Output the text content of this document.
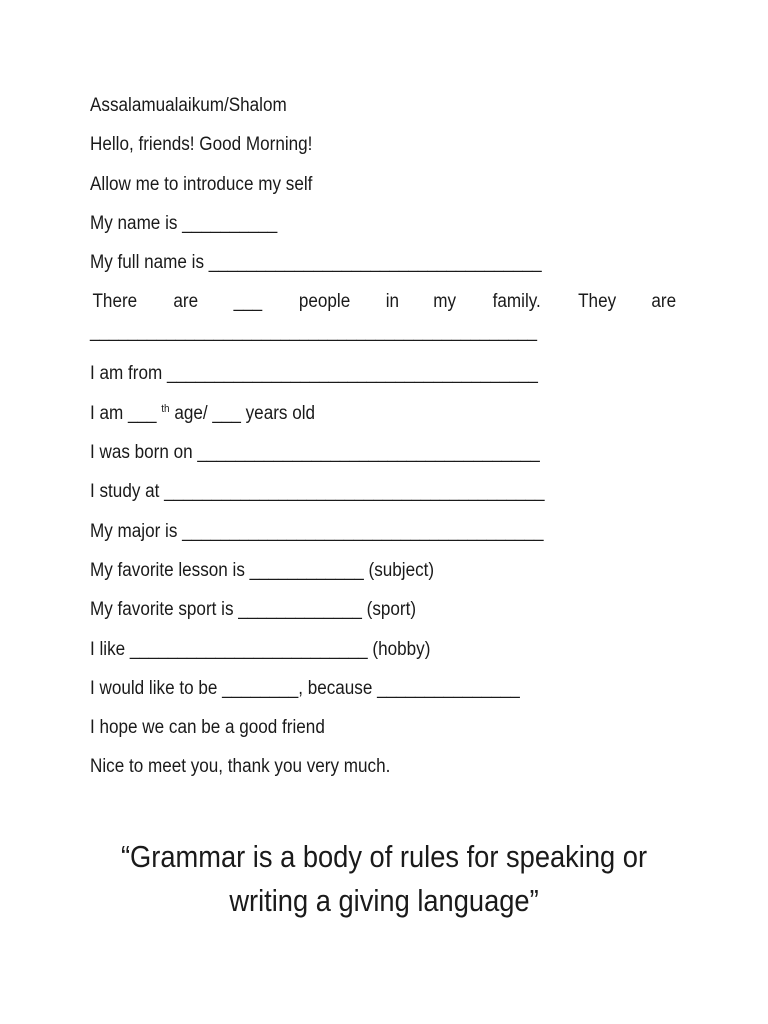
Assalamualaikum/Shalom
Hello, friends! Good Morning!
Allow me to introduce my self
My name is __________
My full name is ___________________________________
There are ___ people in my family. They are
_______________________________________________
I am from _______________________________________
I am ___ $^{th}$ age/ ___ years old
I was born on ____________________________________
I study at ________________________________________
My major is ______________________________________
My favorite lesson is ____________ (subject)
My favorite sport is _____________ (sport)
I like _________________________ (hobby)
I would like to be ________, because _______________
I hope we can be a good friend
Nice to meet you, thank you very much.
“Grammar is a body of rules for speaking or
writing a giving language”
